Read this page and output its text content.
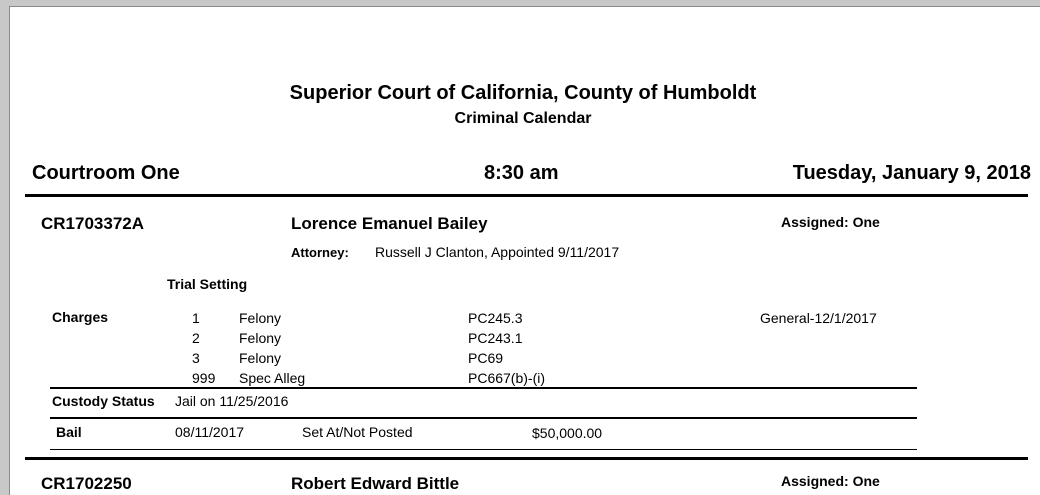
Superior Court of California, County of Humboldt
Criminal Calendar
Courtroom One	8:30 am	Tuesday, January 9, 2018
CR1703372A	Lorence Emanuel Bailey	Assigned: One
Attorney: Russell J Clanton, Appointed 9/11/2017
Trial Setting
Charges	1	Felony	PC245.3	General-12/1/2017
2	Felony	PC243.1
3	Felony	PC69
999 Spec Alleg	PC667(b)-(i)
Custody Status Jail on 11/25/2016
Bail	08/11/2017	Set At/Not Posted	$50,000.00
CR1702250	Robert Edward Bittle	Assigned: One
